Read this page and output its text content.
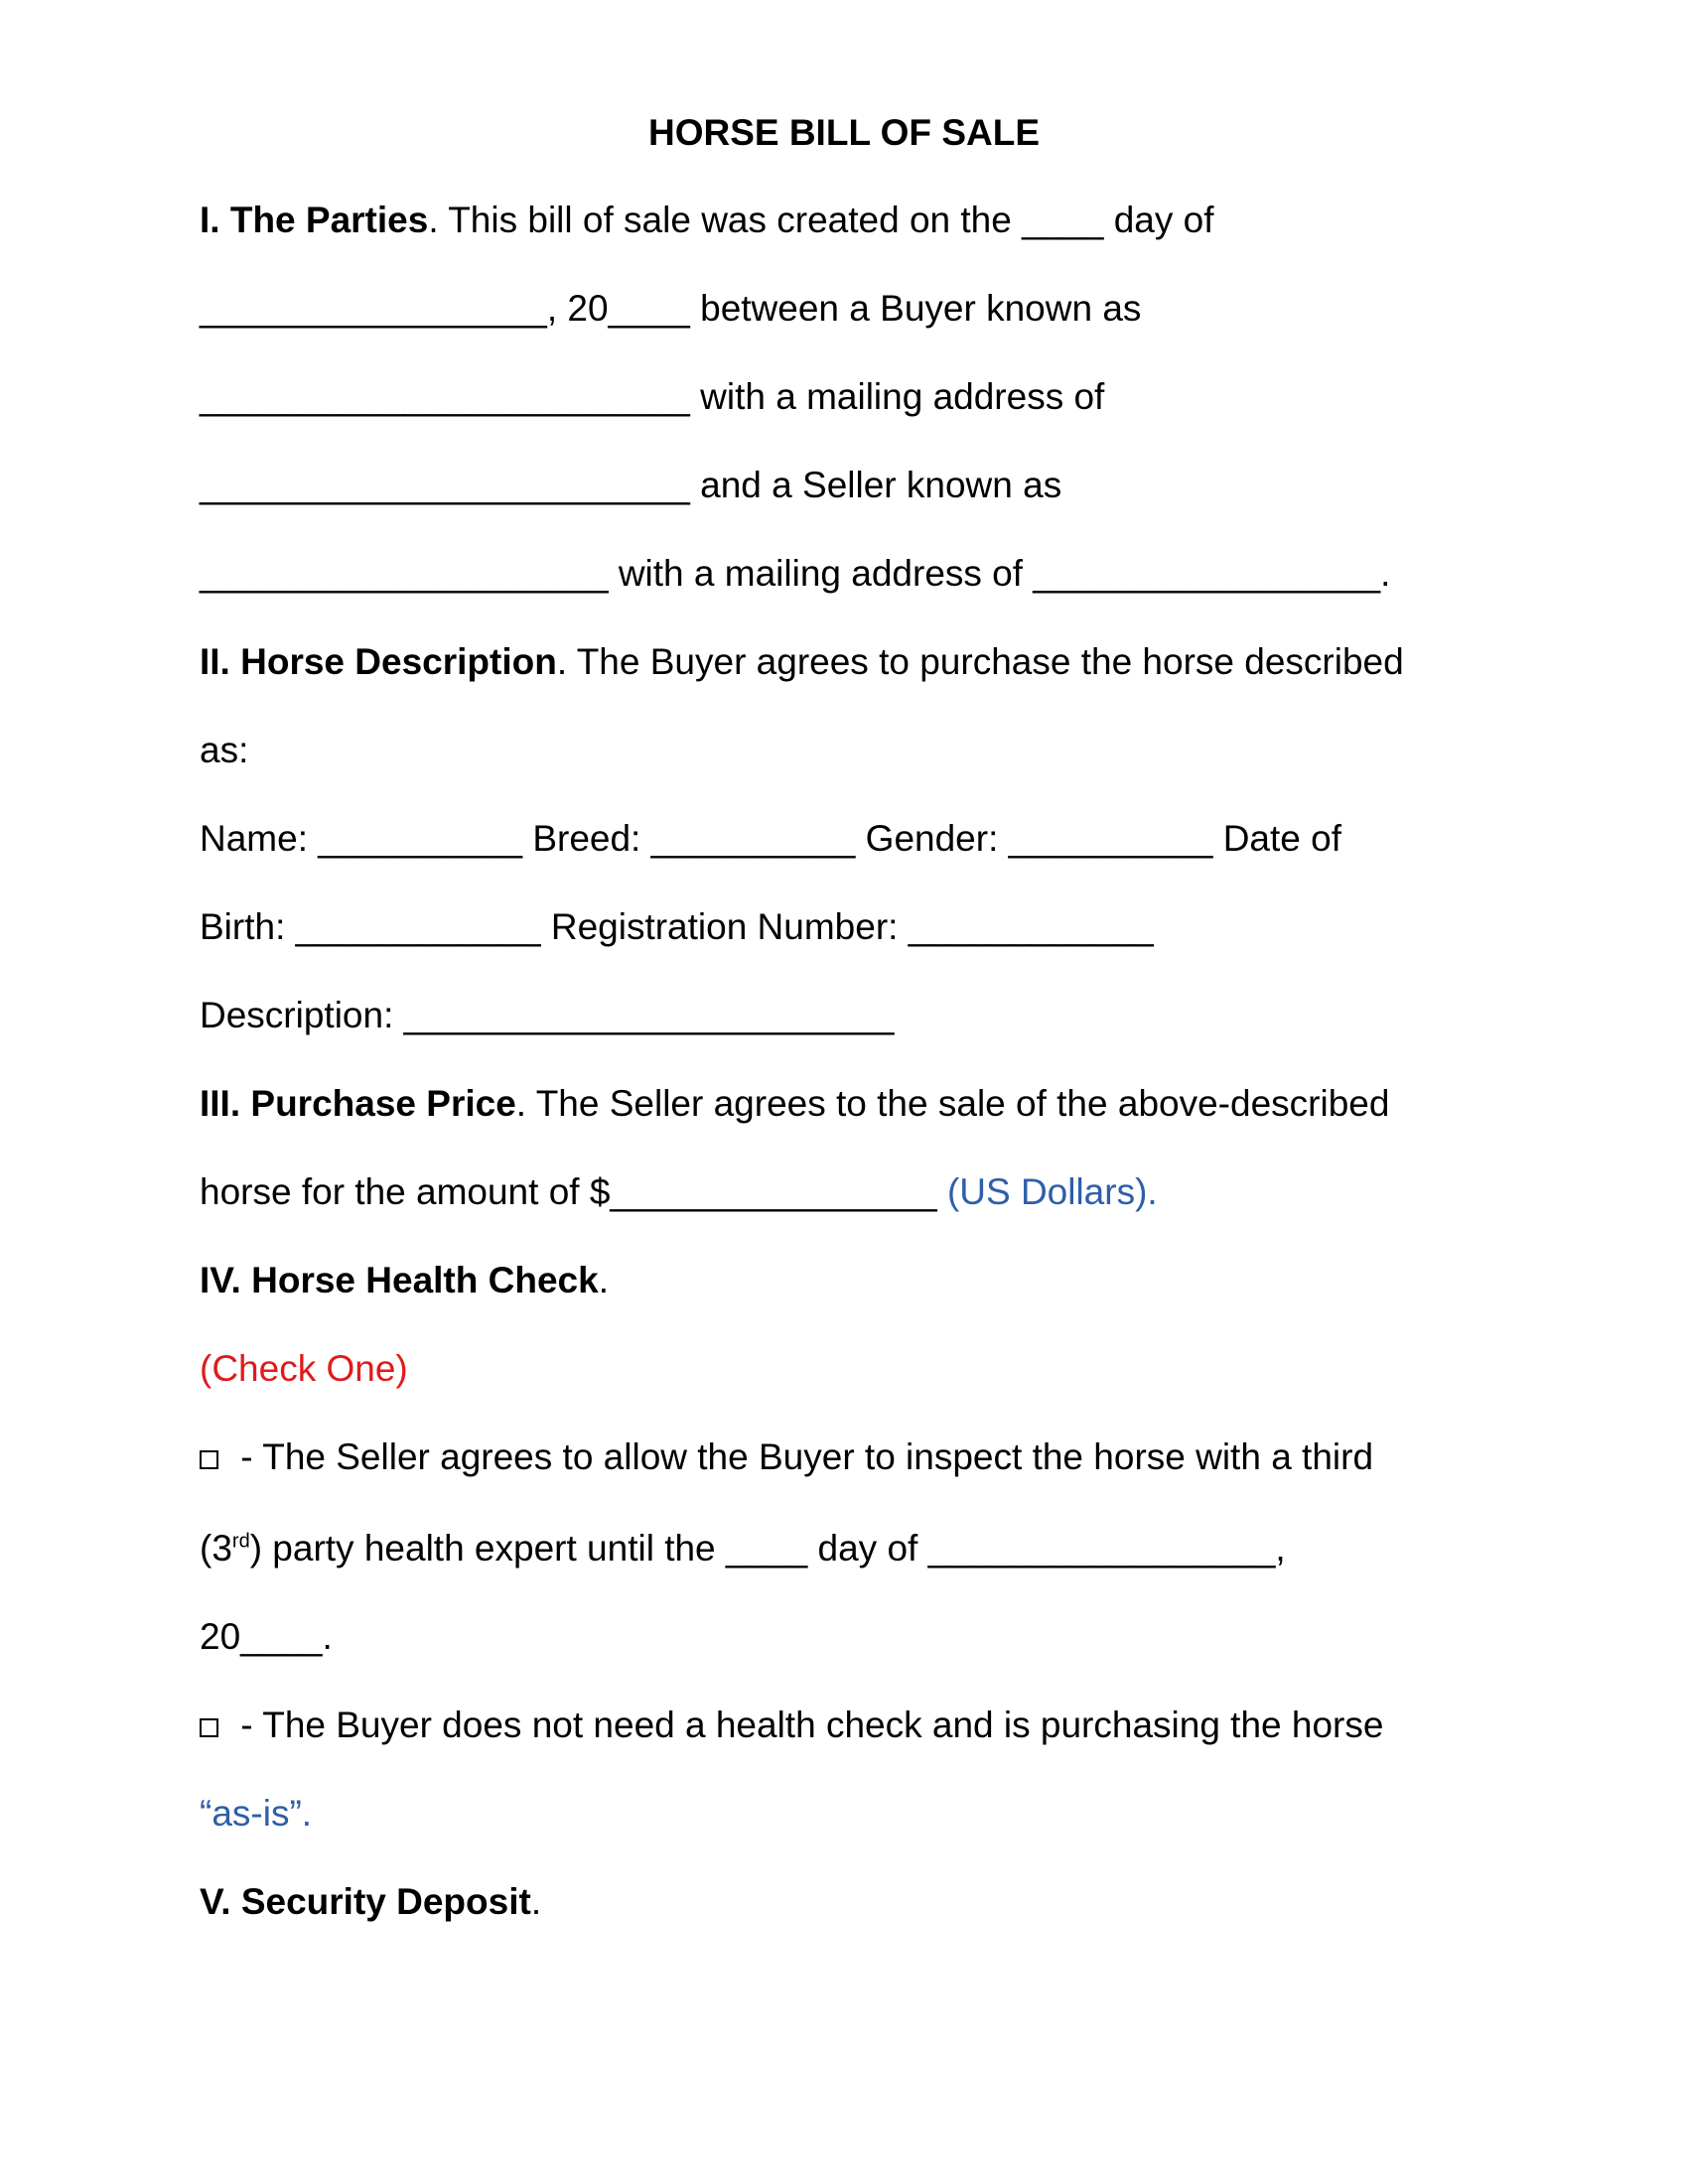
HORSE BILL OF SALE
I. The Parties. This bill of sale was created on the ____ day of
_________________, 20____ between a Buyer known as
________________________ with a mailing address of
________________________ and a Seller known as
____________________ with a mailing address of _________________.
II. Horse Description. The Buyer agrees to purchase the horse described
as:
Name: __________ Breed: __________ Gender: __________ Date of
Birth: ____________ Registration Number: ____________
Description: ________________________
III. Purchase Price. The Seller agrees to the sale of the above-described
horse for the amount of $________________ (US Dollars).
IV. Horse Health Check.
(Check One)
- The Seller agrees to allow the Buyer to inspect the horse with a third
(3rd) party health expert until the ____ day of _________________,
20____.
- The Buyer does not need a health check and is purchasing the horse
“as-is”.
V. Security Deposit.
